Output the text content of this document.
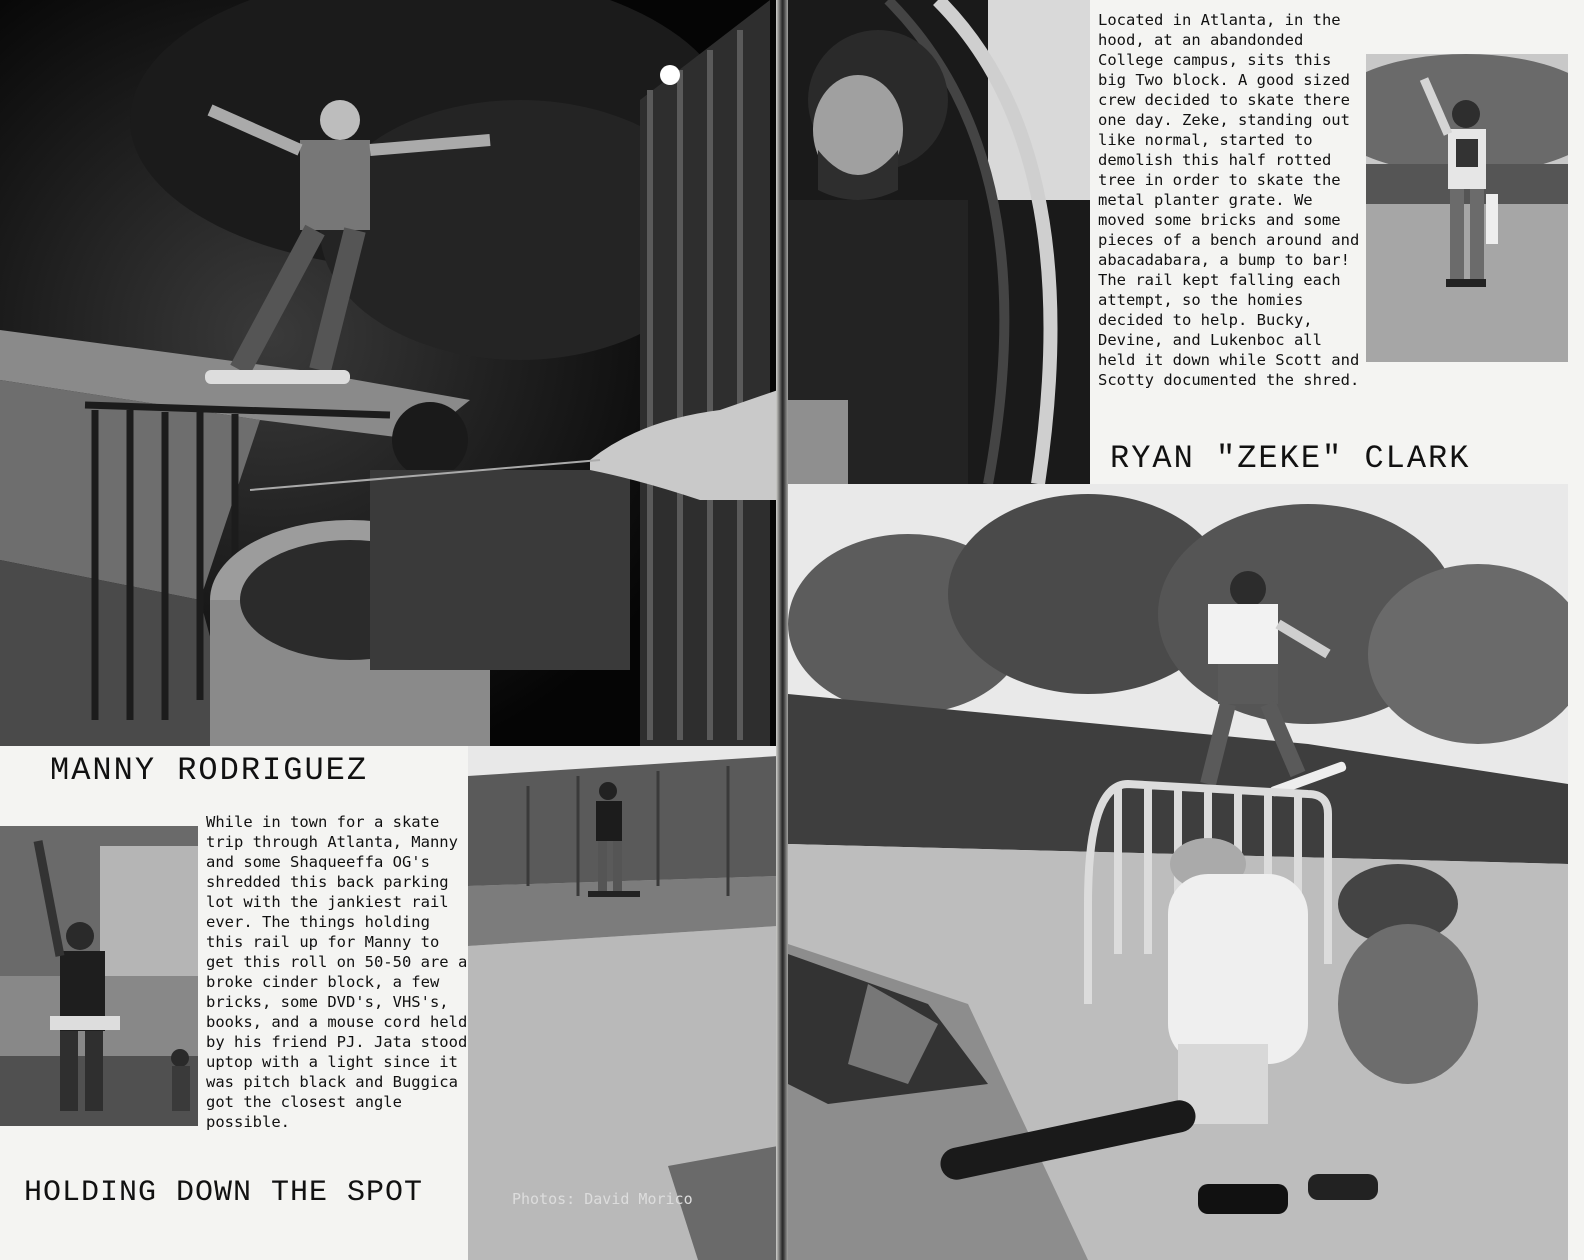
MANNY RODRIGUEZ
While in town for a skate trip through Atlanta, Manny and some Shaqueeffa OG's shredded this back parking lot with the jankiest rail ever. The things holding this rail up for Manny to get this roll on 50-50 are a broke cinder block, a few bricks, some DVD's, VHS's, books, and a mouse cord held by his friend PJ. Jata stood uptop with a light since it was pitch black and Buggica got the closest angle possible.
HOLDING DOWN THE SPOT	Photos: David Morico
Located in Atlanta, in the hood, at an abandonded College campus, sits this big Two block. A good sized crew decided to skate there one day. Zeke, standing out like normal, started to demolish this half rotted tree in order to skate the metal planter grate. We moved some bricks and some pieces of a bench around and abacadabara, a bump to bar! The rail kept falling each attempt, so the homies decided to help. Bucky, Devine, and Lukenboc all held it down while Scott and Scotty documented the shred.
RYAN "ZEKE" CLARK
